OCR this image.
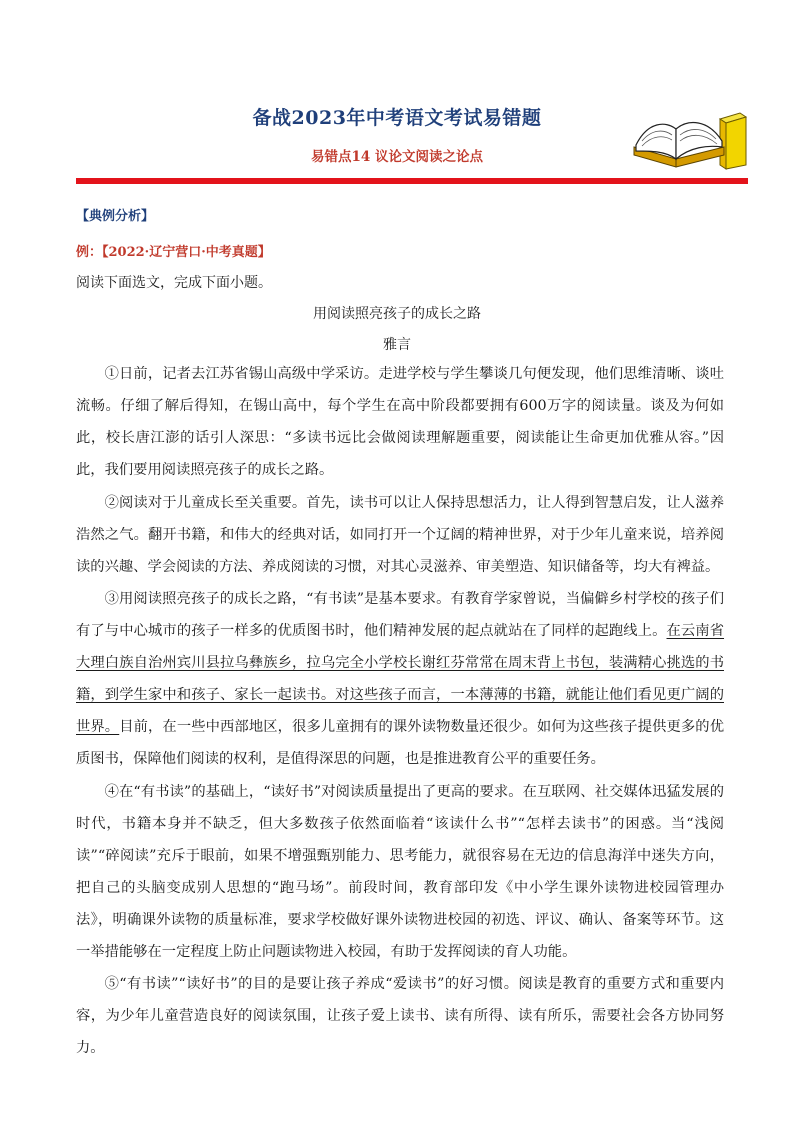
备战2023年中考语文考试易错题
易错点14 议论文阅读之论点
【典例分析】
例：【2022·辽宁营口·中考真题】
阅读下面选文，完成下面小题。
用阅读照亮孩子的成长之路
雅言

①日前，记者去江苏省锡山高级中学采访。走进学校与学生攀谈几句便发现，他们思维清晰、谈吐流畅。仔细了解后得知，在锡山高中，每个学生在高中阶段都要拥有600万字的阅读量。谈及为何如此，校长唐江澎的话引人深思：“多读书远比会做阅读理解题重要，阅读能让生命更加优雅从容。”因此，我们要用阅读照亮孩子的成长之路。

②阅读对于儿童成长至关重要。首先，读书可以让人保持思想活力，让人得到智慧启发，让人滋养浩然之气。翻开书籍，和伟大的经典对话，如同打开一个辽阔的精神世界，对于少年儿童来说，培养阅读的兴趣、学会阅读的方法、养成阅读的习惯，对其心灵滋养、审美塑造、知识储备等，均大有裨益。

③用阅读照亮孩子的成长之路，“有书读”是基本要求。有教育学家曾说，当偏僻乡村学校的孩子们有了与中心城市的孩子一样多的优质图书时，他们精神发展的起点就站在了同样的起跑线上。在云南省大理白族自治州宾川县拉乌彝族乡，拉乌完全小学校长谢红芬常常在周末背上书包，装满精心挑选的书籍，到学生家中和孩子、家长一起读书。对这些孩子而言，一本薄薄的书籍，就能让他们看见更广阔的世界。目前，在一些中西部地区，很多儿童拥有的课外读物数量还很少。如何为这些孩子提供更多的优质图书，保障他们阅读的权利，是值得深思的问题，也是推进教育公平的重要任务。

④在“有书读”的基础上，“读好书”对阅读质量提出了更高的要求。在互联网、社交媒体迅猛发展的时代，书籍本身并不缺乏，但大多数孩子依然面临着“该读什么书”“怎样去读书”的困惑。当“浅阅读”“碎阅读”充斥于眼前，如果不增强甄别能力、思考能力，就很容易在无边的信息海洋中迷失方向，把自己的头脑变成别人思想的“跑马场”。前段时间，教育部印发《中小学生课外读物进校园管理办法》，明确课外读物的质量标准，要求学校做好课外读物进校园的初选、评议、确认、备案等环节。这一举措能够在一定程度上防止问题读物进入校园，有助于发挥阅读的育人功能。

⑤“有书读”“读好书”的目的是要让孩子养成“爱读书”的好习惯。阅读是教育的重要方式和重要内容，为少年儿童营造良好的阅读氛围，让孩子爱上读书、读有所得、读有所乐，需要社会各方协同努力。
